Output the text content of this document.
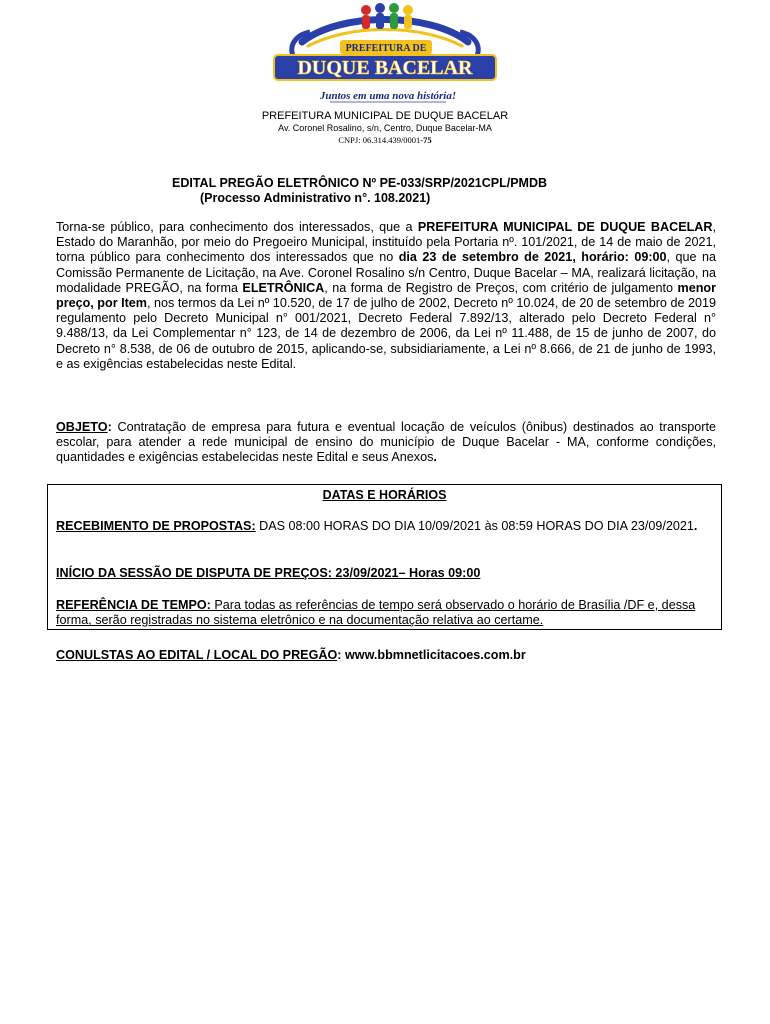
PREFEITURA DE
DUQUE BACELAR
Juntos em uma nova história!
PREFEITURA MUNICIPAL DE DUQUE BACELAR
Av. Coronel Rosalino, s/n, Centro, Duque Bacelar-MA
CNPJ: 06.314.439/0001-75
EDITAL PREGÃO ELETRÔNICO Nº PE-033/SRP/2021CPL/PMDB
(Processo Administrativo n°. 108.2021)

Torna-se público, para conhecimento dos interessados, que a PREFEITURA MUNICIPAL DE DUQUE BACELAR, Estado do Maranhão, por meio do Pregoeiro Municipal, instituído pela Portaria nº. 101/2021, de 14 de maio de 2021, torna público para conhecimento dos interessados que no dia 23 de setembro de 2021, horário: 09:00, que na Comissão Permanente de Licitação, na Ave. Coronel Rosalino s/n Centro, Duque Bacelar – MA, realizará licitação, na modalidade PREGÃO, na forma ELETRÔNICA, na forma de Registro de Preços, com critério de julgamento menor preço, por Item, nos termos da Lei nº 10.520, de 17 de julho de 2002, Decreto nº 10.024, de 20 de setembro de 2019 regulamento pelo Decreto Municipal n° 001/2021, Decreto Federal 7.892/13, alterado pelo Decreto Federal n° 9.488/13, da Lei Complementar n° 123, de 14 de dezembro de 2006, da Lei nº 11.488, de 15 de junho de 2007, do Decreto n° 8.538, de 06 de outubro de 2015, aplicando-se, subsidiariamente, a Lei nº 8.666, de 21 de junho de 1993, e as exigências estabelecidas neste Edital.

OBJETO: Contratação de empresa para futura e eventual locação de veículos (ônibus) destinados ao transporte escolar, para atender a rede municipal de ensino do município de Duque Bacelar - MA, conforme condições, quantidades e exigências estabelecidas neste Edital e seus Anexos.

DATAS E HORÁRIOS

RECEBIMENTO DE PROPOSTAS: DAS 08:00 HORAS DO DIA 10/09/2021 às 08:59 HORAS DO DIA 23/09/2021.

INÍCIO DA SESSÃO DE DISPUTA DE PREÇOS: 23/09/2021– Horas 09:00

REFERÊNCIA DE TEMPO: Para todas as referências de tempo será observado o horário de Brasília /DF e, dessa forma, serão registradas no sistema eletrônico e na documentação relativa ao certame.

CONULSTAS AO EDITAL / LOCAL DO PREGÃO: www.bbmnetlicitacoes.com.br
